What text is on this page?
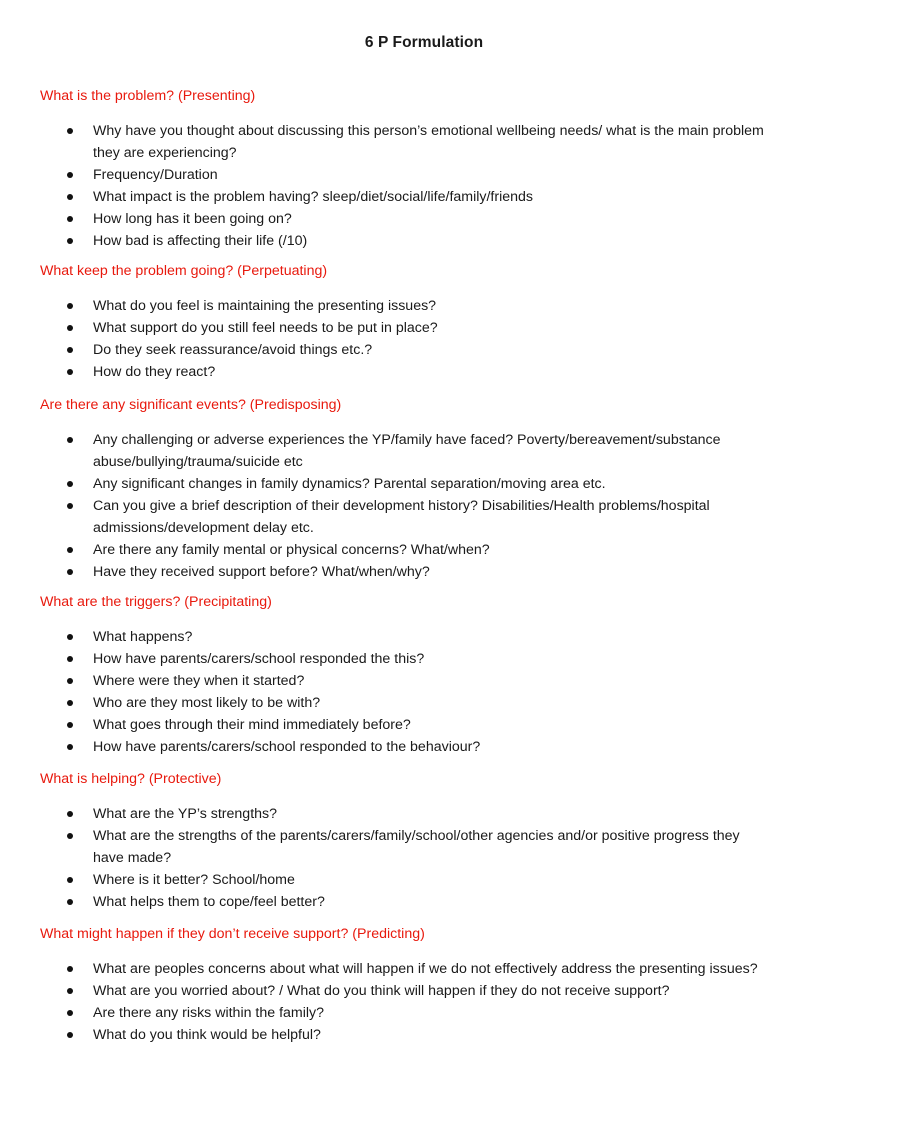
6 P Formulation
What is the problem? (Presenting)
Why have you thought about discussing this person’s emotional wellbeing needs/ what is the main problem
they are experiencing?
Frequency/Duration
What impact is the problem having? sleep/diet/social/life/family/friends
How long has it been going on?
How bad is affecting their life (/10)
What keep the problem going? (Perpetuating)
What do you feel is maintaining the presenting issues?
What support do you still feel needs to be put in place?
Do they seek reassurance/avoid things etc.?
How do they react?
Are there any significant events? (Predisposing)
Any challenging or adverse experiences the YP/family have faced? Poverty/bereavement/substance
abuse/bullying/trauma/suicide etc
Any significant changes in family dynamics? Parental separation/moving area etc.
Can you give a brief description of their development history? Disabilities/Health problems/hospital
admissions/development delay etc.
Are there any family mental or physical concerns? What/when?
Have they received support before? What/when/why?
What are the triggers? (Precipitating)
What happens?
How have parents/carers/school responded the this?
Where were they when it started?
Who are they most likely to be with?
What goes through their mind immediately before?
How have parents/carers/school responded to the behaviour?
What is helping? (Protective)
What are the YP’s strengths?
What are the strengths of the parents/carers/family/school/other agencies and/or positive progress they
have made?
Where is it better? School/home
What helps them to cope/feel better?
What might happen if they don’t receive support? (Predicting)
What are peoples concerns about what will happen if we do not effectively address the presenting issues?
What are you worried about? / What do you think will happen if they do not receive support?
Are there any risks within the family?
What do you think would be helpful?
